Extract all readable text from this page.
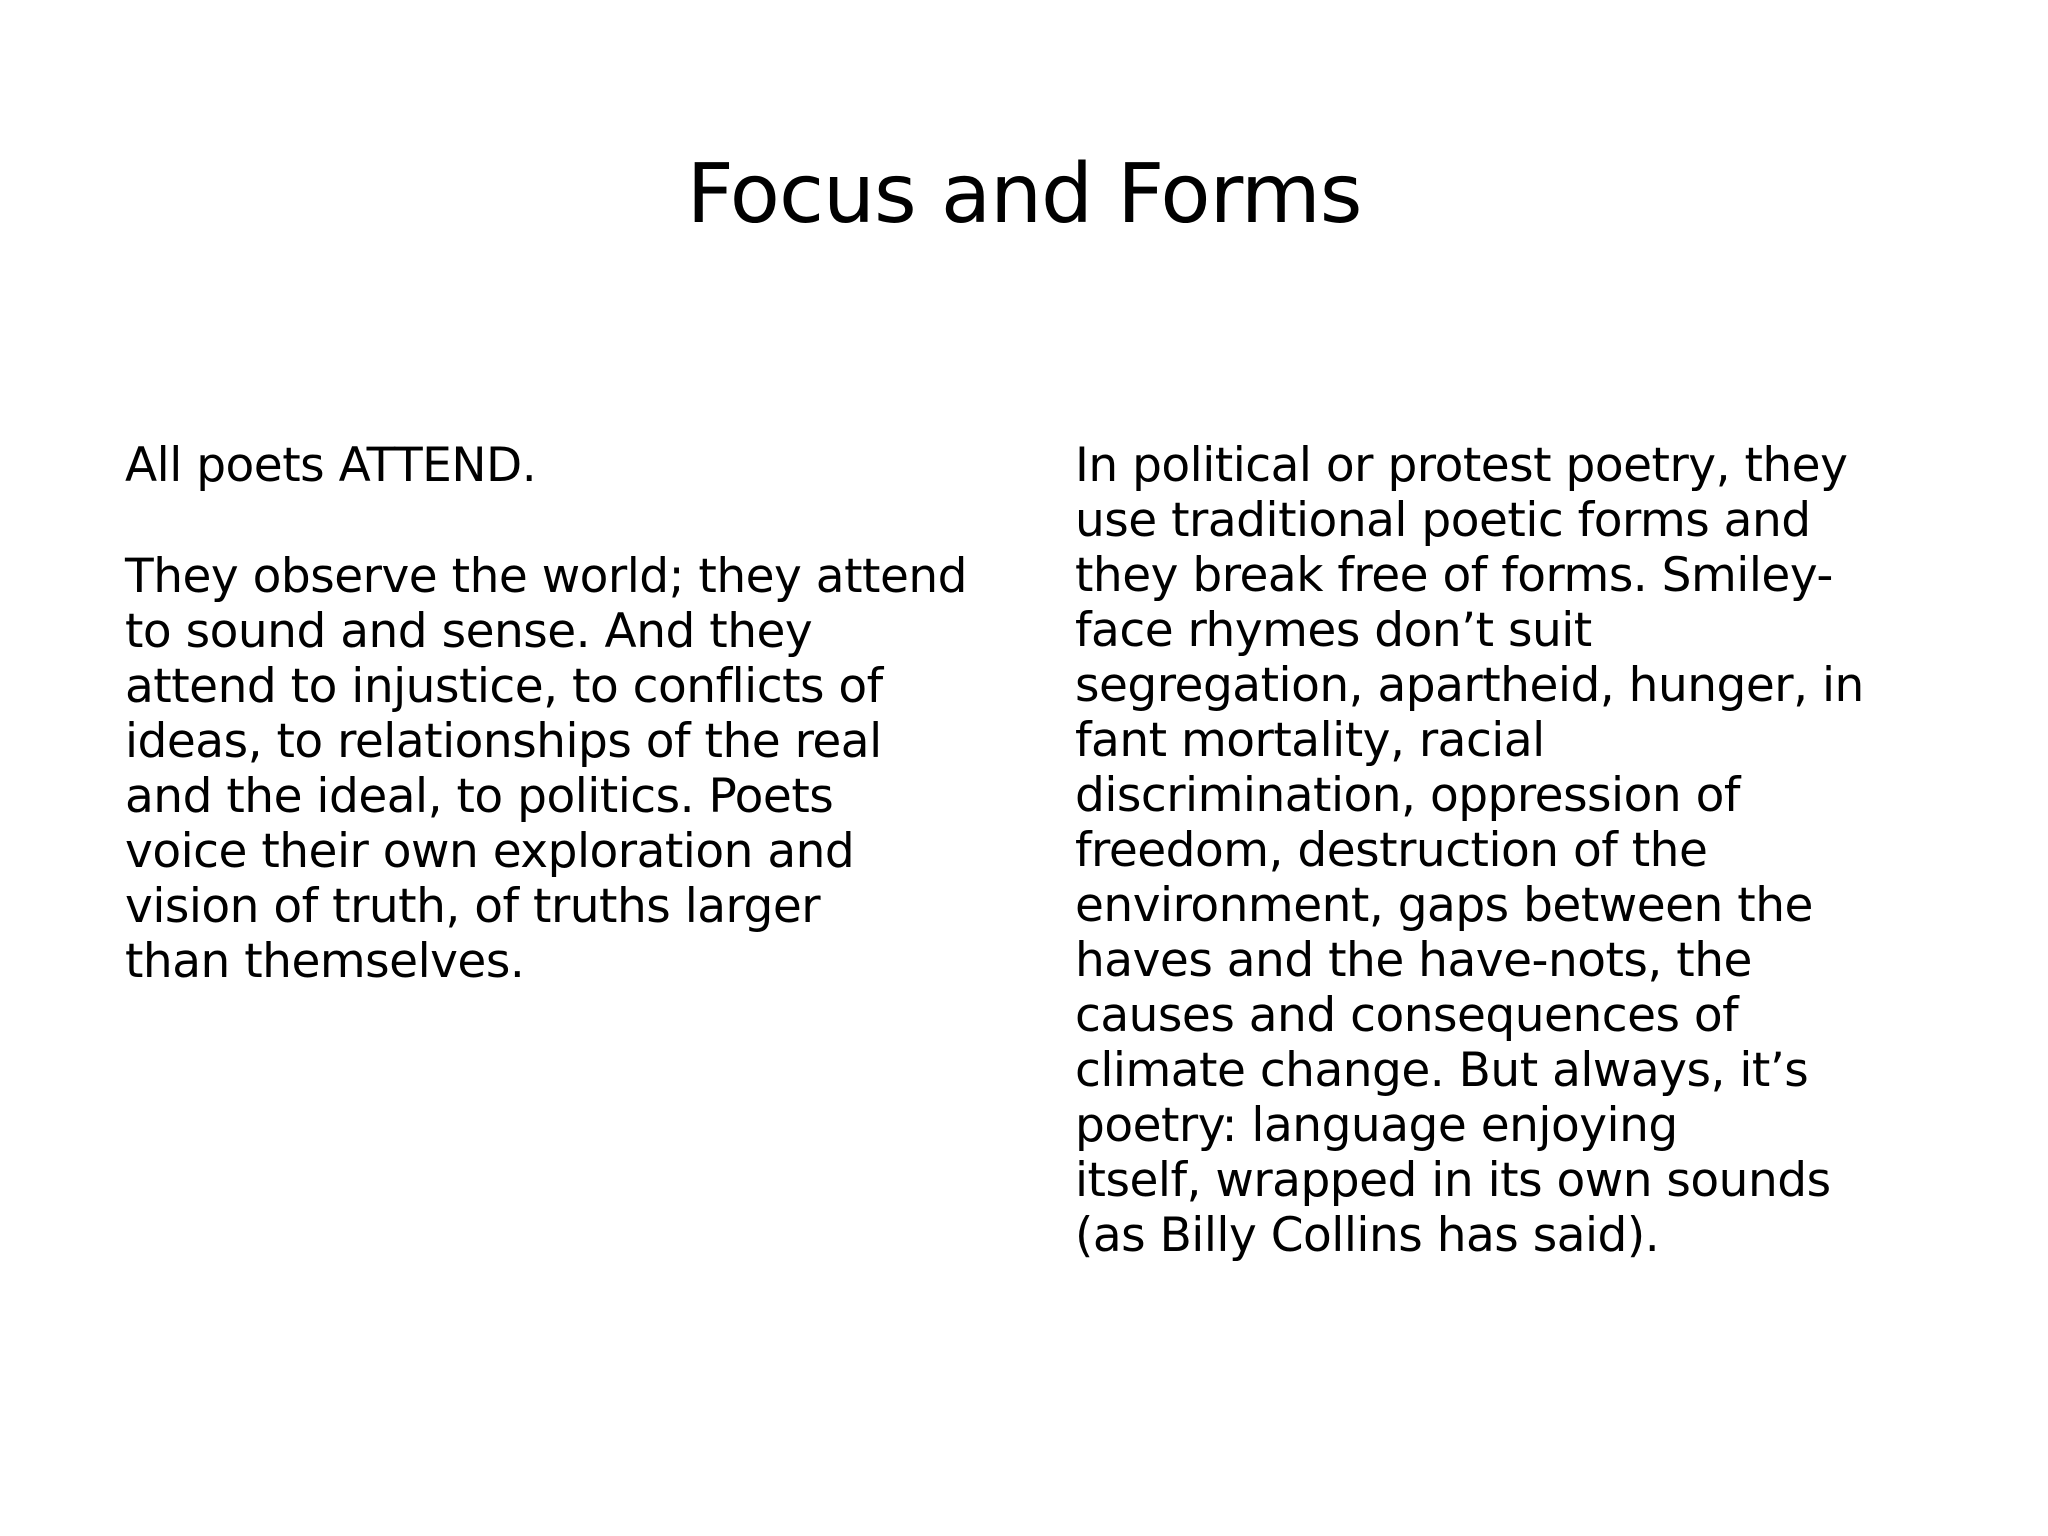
Focus and Forms

All poets ATTEND.

They observe the world; they attend
to sound and sense. And they
attend to injustice, to conflicts of
ideas, to relationships of the real
and the ideal, to politics. Poets
voice their own exploration and
vision of truth, of truths larger
than themselves.

In political or protest poetry, they
use traditional poetic forms and
they break free of forms. Smiley-
face rhymes don’t suit
segregation, apartheid, hunger, in
fant mortality, racial
discrimination, oppression of
freedom, destruction of the
environment, gaps between the
haves and the have-nots, the
causes and consequences of
climate change. But always, it’s
poetry: language enjoying
itself, wrapped in its own sounds
(as Billy Collins has said).
